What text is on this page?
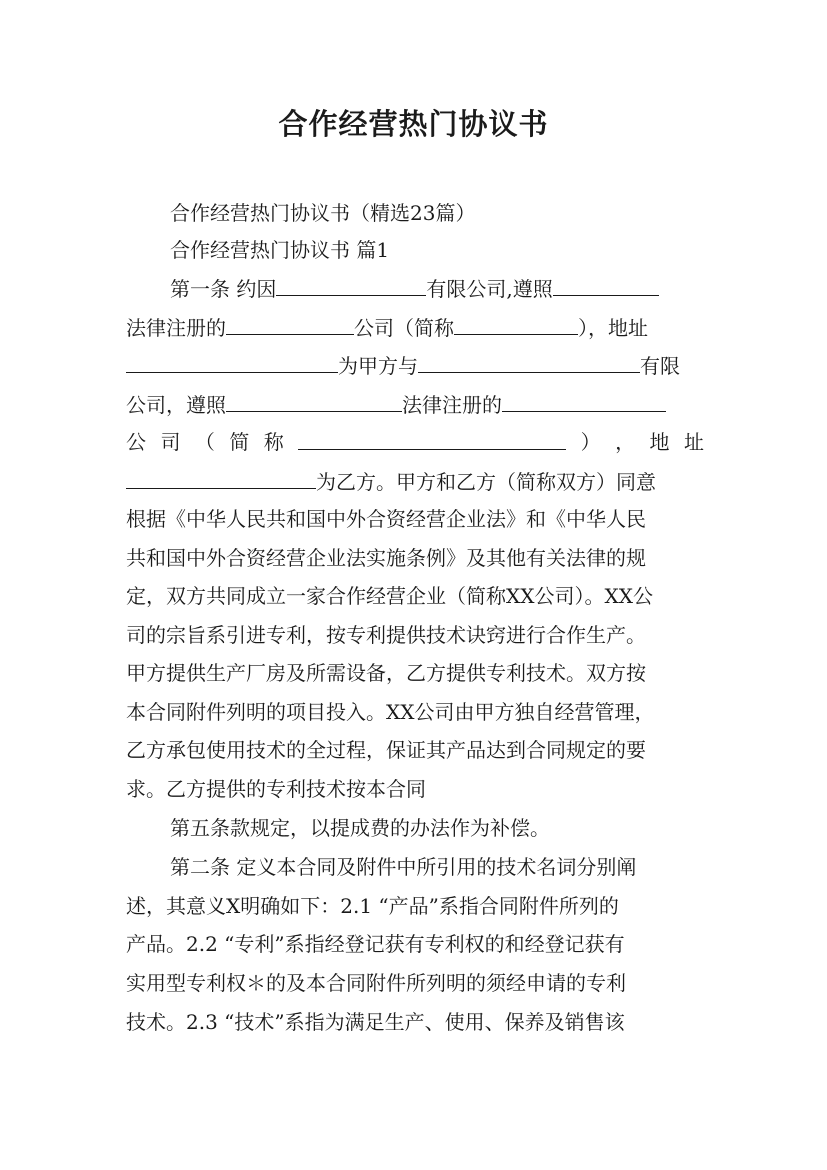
合作经营热门协议书
合作经营热门协议书（精选23篇）
合作经营热门协议书 篇1
第一条 约因	有限公司,遵照
法律注册的	公司（简称	），地址
为甲方与	有限
公司，遵照	法律注册的
公 司 （ 简 称	） ， 地 址
为乙方。甲方和乙方（简称双方）同意
根据《中华人民共和国中外合资经营企业法》和《中华人民
共和国中外合资经营企业法实施条例》及其他有关法律的规
定，双方共同成立一家合作经营企业（简称XX公司）。XX公
司的宗旨系引进专利，按专利提供技术诀窍进行合作生产。
甲方提供生产厂房及所需设备，乙方提供专利技术。双方按
本合同附件列明的项目投入。XX公司由甲方独自经营管理，
乙方承包使用技术的全过程，保证其产品达到合同规定的要
求。乙方提供的专利技术按本合同
第五条款规定，以提成费的办法作为补偿。
第二条 定义本合同及附件中所引用的技术名词分别阐
述，其意义X明确如下：2.1 “产品”系指合同附件所列的
产品。2.2 “专利”系指经登记获有专利权的和经登记获有
实用型专利权＊的及本合同附件所列明的须经申请的专利
技术。2.3 “技术”系指为满足生产、使用、保养及销售该
